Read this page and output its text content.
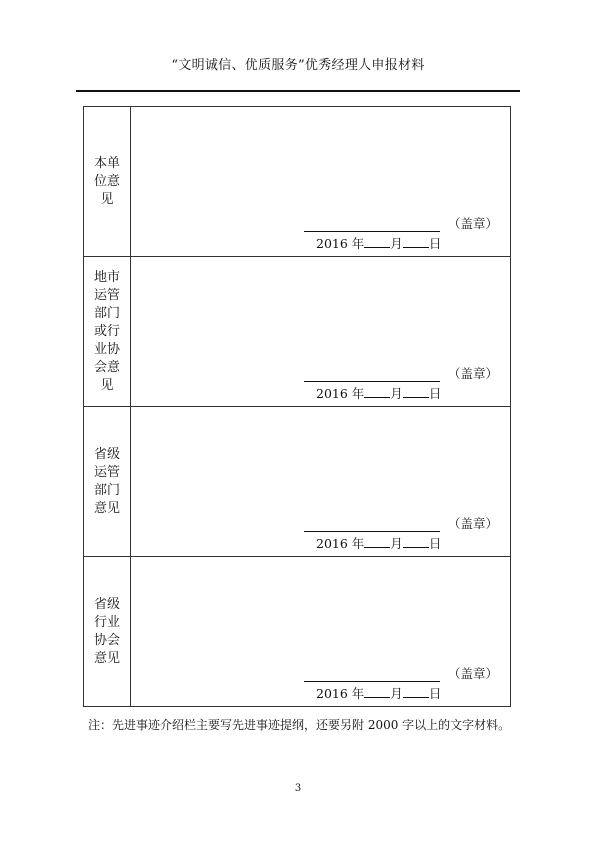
“文明诚信、优质服务”优秀经理人申报材料
本单位意见	（盖章）
2016 年 月 日

地市运管部门或行业协会意见	（盖章）
2016 年 月 日

省级运管部门意见	（盖章）
2016 年 月 日

省级行业协会意见	（盖章）
2016 年 月 日
注：先进事迹介绍栏主要写先进事迹提纲，还要另附 2000 字以上的文字材料。
3
